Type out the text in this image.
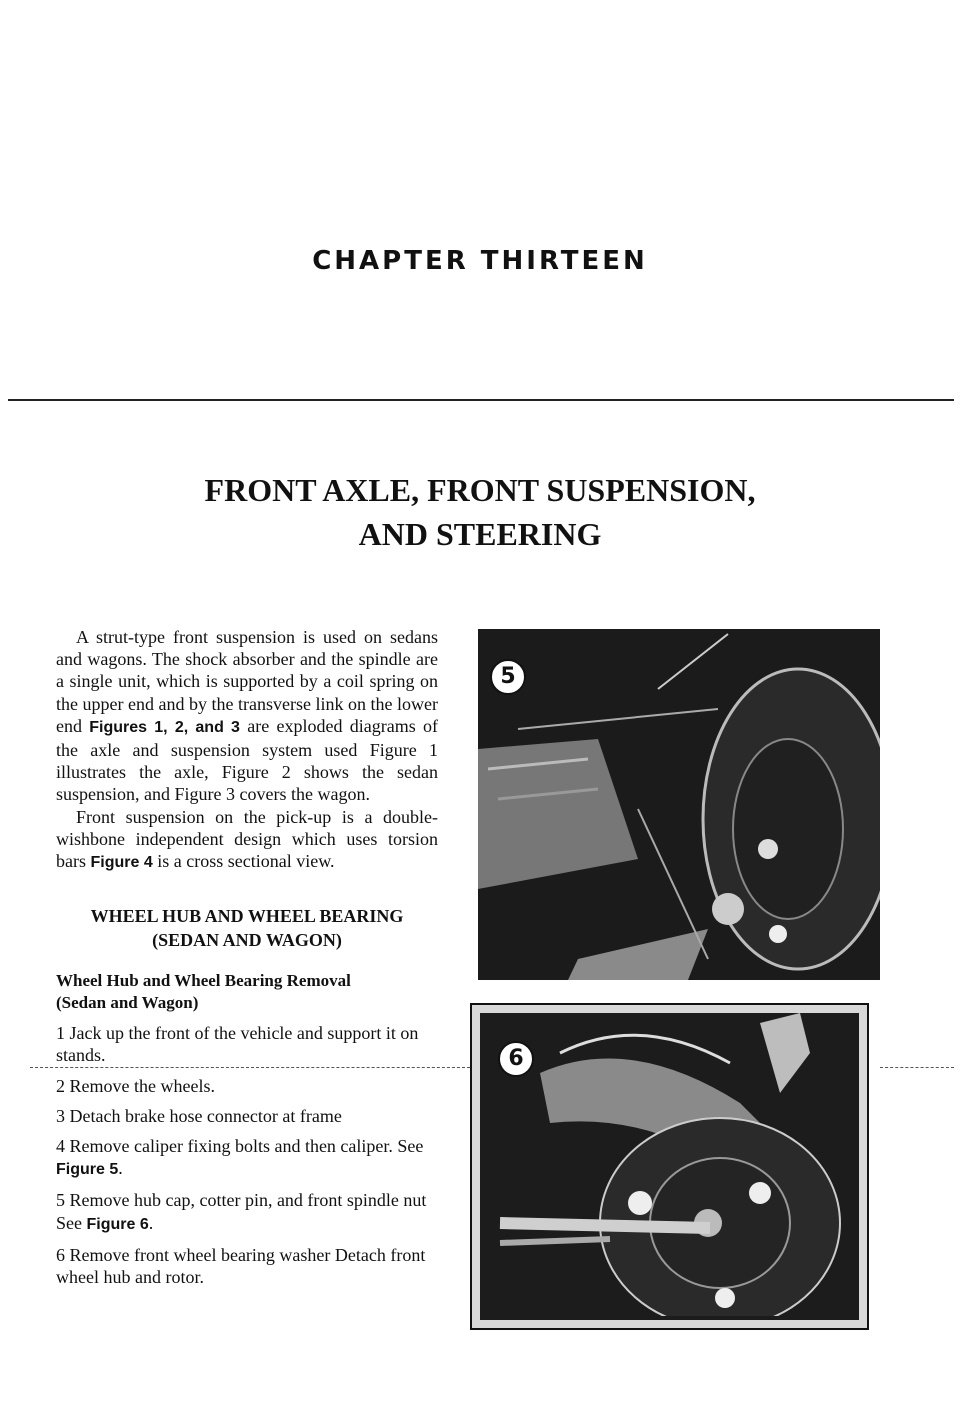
CHAPTER THIRTEEN
FRONT AXLE, FRONT SUSPENSION,
AND STEERING

A strut-type front suspension is used on sedans and wagons. The shock absorber and the spindle are a single unit, which is supported by a coil spring on the upper end and by the transverse link on the lower end Figures 1, 2, and 3 are exploded diagrams of the axle and suspension system used Figure 1 illustrates the axle, Figure 2 shows the sedan suspension, and Figure 3 covers the wagon.

Front suspension on the pick-up is a double-wishbone independent design which uses torsion bars Figure 4 is a cross sectional view.

WHEEL HUB AND WHEEL BEARING
(SEDAN AND WAGON)

Wheel Hub and Wheel Bearing Removal
(Sedan and Wagon)

1 Jack up the front of the vehicle and support it on stands.

2 Remove the wheels.

3 Detach brake hose connector at frame

4 Remove caliper fixing bolts and then caliper. See Figure 5.

5 Remove hub cap, cotter pin, and front spindle nut See Figure 6.

6 Remove front wheel bearing washer Detach front wheel hub and rotor.

5
6
